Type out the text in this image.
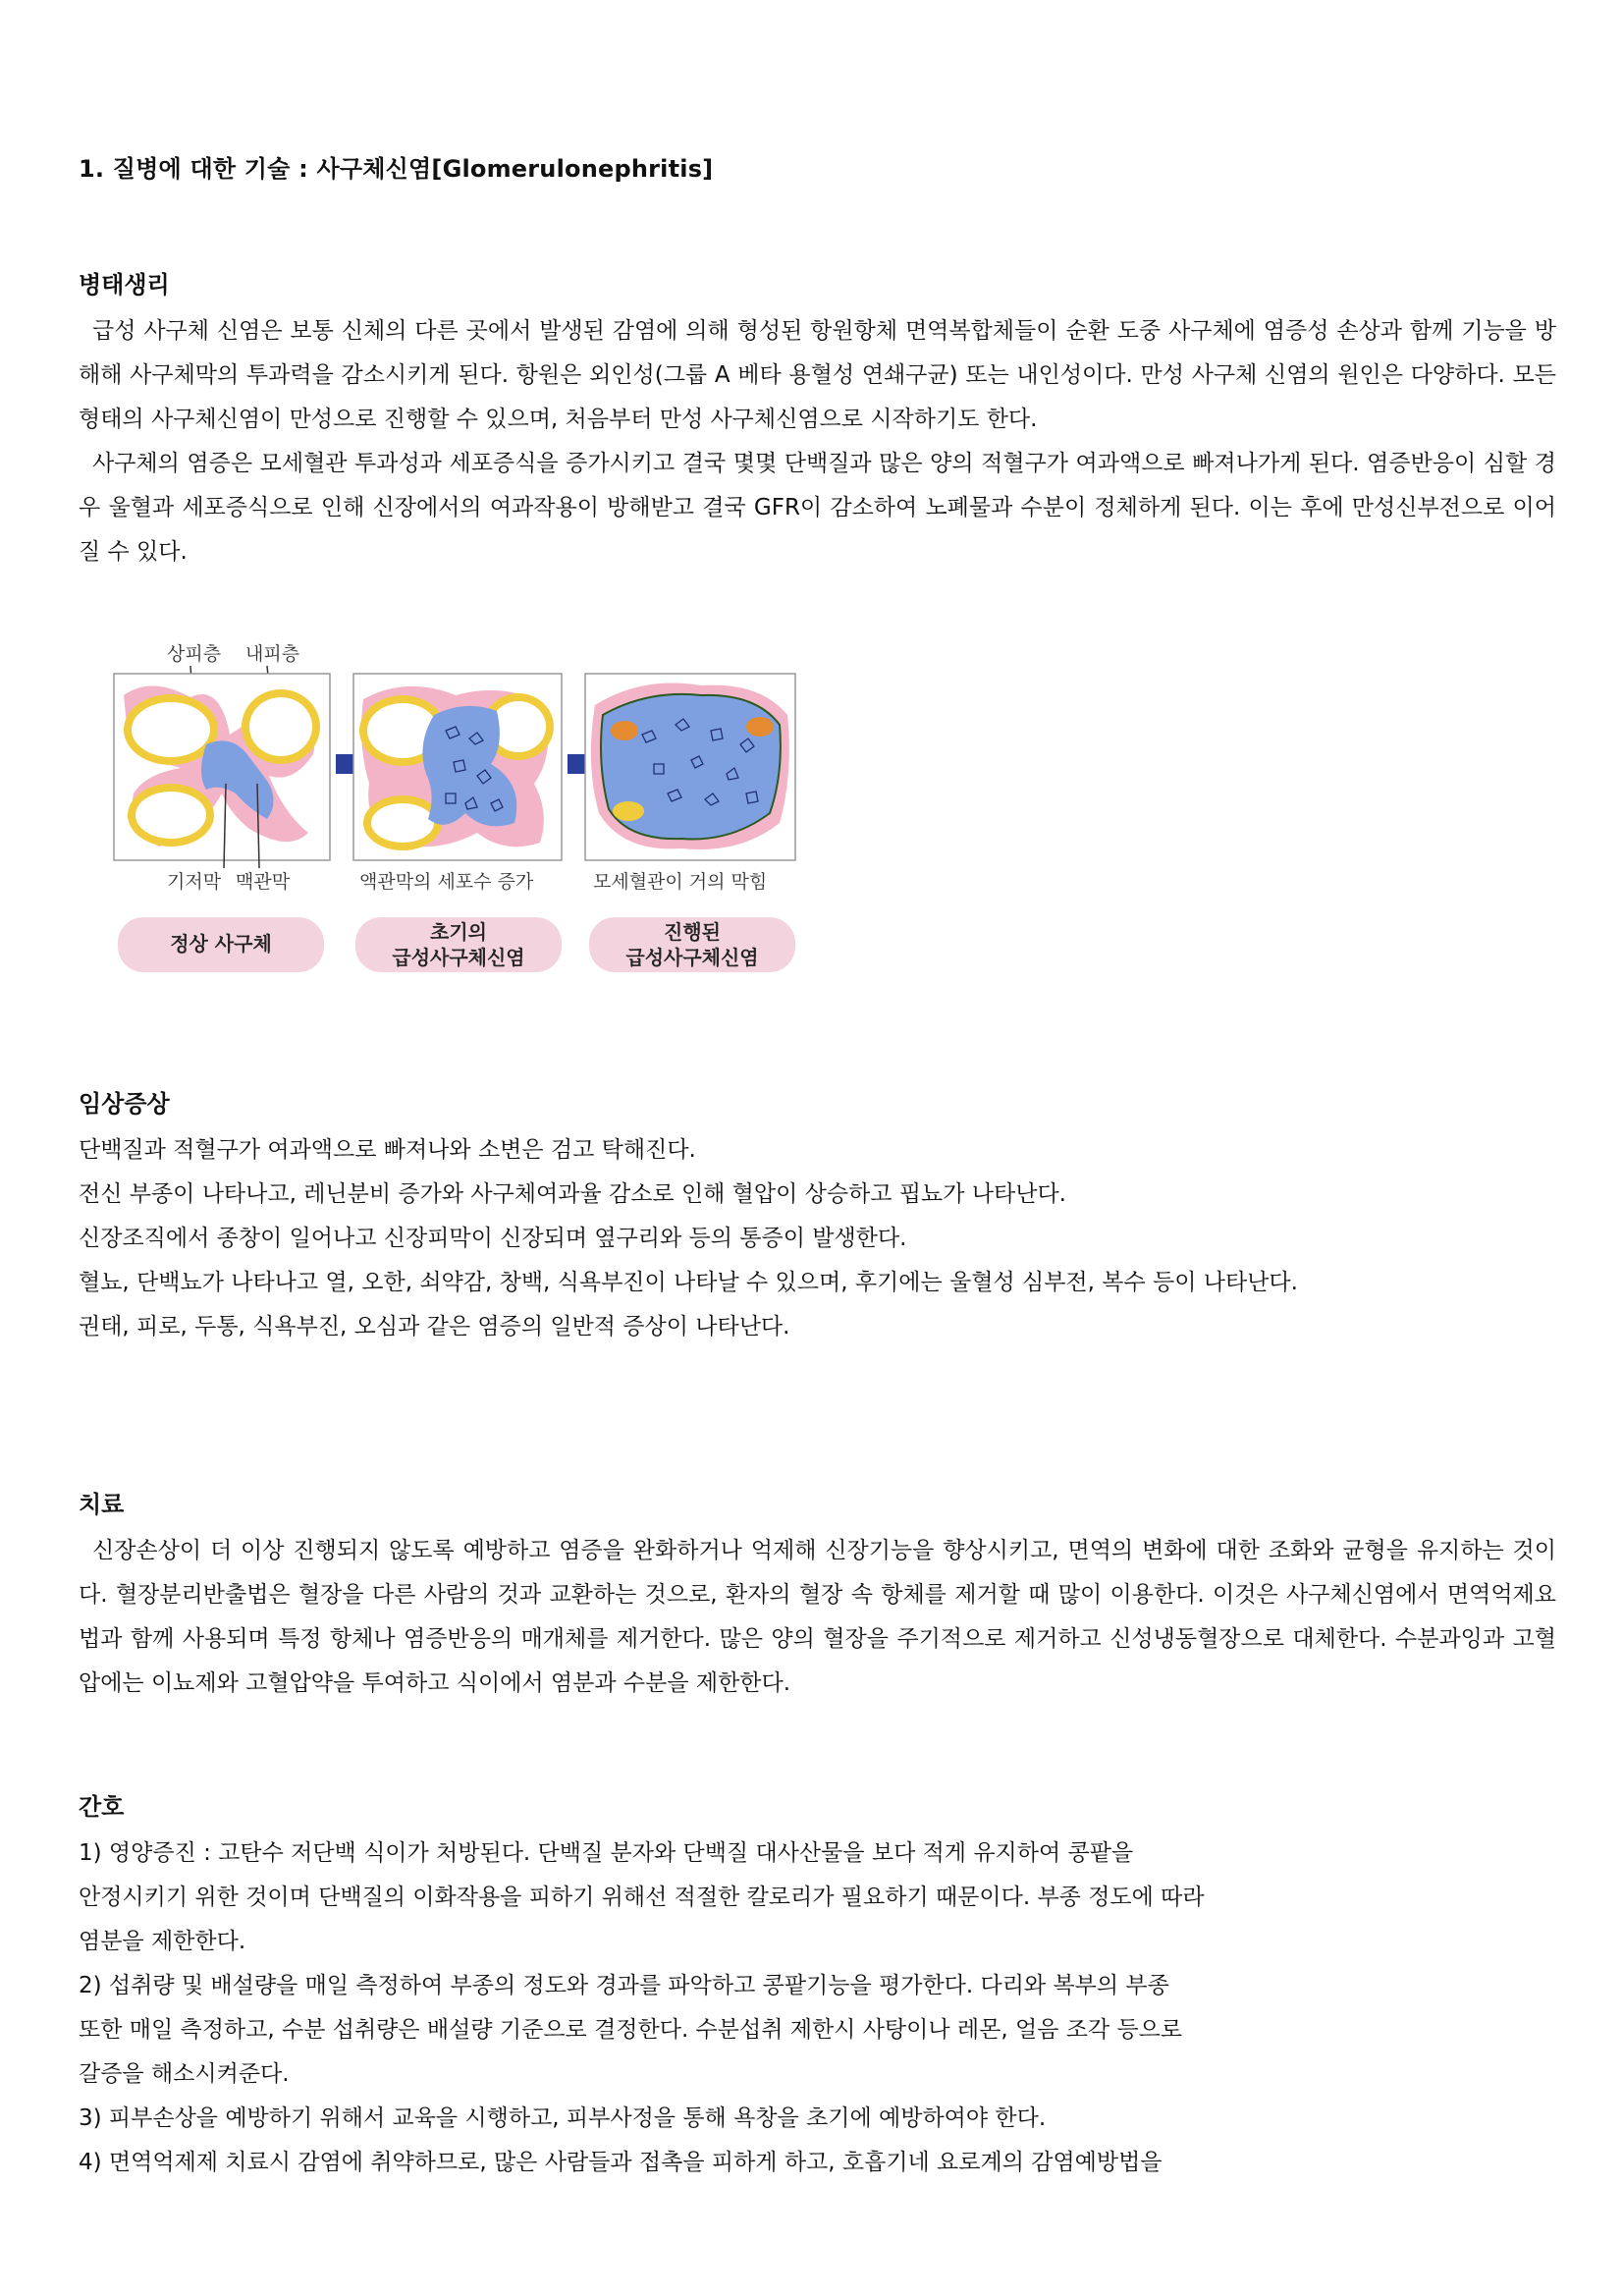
1. 질병에 대한 기술 : 사구체신염[Glomerulonephritis]
병태생리

급성 사구체 신염은 보통 신체의 다른 곳에서 발생된 감염에 의해 형성된 항원항체 면역복합체들이 순환 도중 사구체에 염증성 손상과 함께 기능을 방해해 사구체막의 투과력을 감소시키게 된다. 항원은 외인성(그룹 A 베타 용혈성 연쇄구균) 또는 내인성이다. 만성 사구체 신염의 원인은 다양하다. 모든 형태의 사구체신염이 만성으로 진행할 수 있으며, 처음부터 만성 사구체신염으로 시작하기도 한다.

사구체의 염증은 모세혈관 투과성과 세포증식을 증가시키고 결국 몇몇 단백질과 많은 양의 적혈구가 여과액으로 빠져나가게 된다. 염증반응이 심할 경우 울혈과 세포증식으로 인해 신장에서의 여과작용이 방해받고 결국 GFR이 감소하여 노폐물과 수분이 정체하게 된다. 이는 후에 만성신부전으로 이어질 수 있다.

상피층 내피층
기저막 맥관막	액관막의 세포수 증가	모세혈관이 거의 막힘
정상 사구체	초기의
급성사구체신염
진행된
급성사구체신염
임상증상

단백질과 적혈구가 여과액으로 빠져나와 소변은 검고 탁해진다.

전신 부종이 나타나고, 레닌분비 증가와 사구체여과율 감소로 인해 혈압이 상승하고 핍뇨가 나타난다.

신장조직에서 종창이 일어나고 신장피막이 신장되며 옆구리와 등의 통증이 발생한다.

혈뇨, 단백뇨가 나타나고 열, 오한, 쇠약감, 창백, 식욕부진이 나타날 수 있으며, 후기에는 울혈성 심부전, 복수 등이 나타난다.

권태, 피로, 두통, 식욕부진, 오심과 같은 염증의 일반적 증상이 나타난다.

치료

신장손상이 더 이상 진행되지 않도록 예방하고 염증을 완화하거나 억제해 신장기능을 향상시키고, 면역의 변화에 대한 조화와 균형을 유지하는 것이다. 혈장분리반출법은 혈장을 다른 사람의 것과 교환하는 것으로, 환자의 혈장 속 항체를 제거할 때 많이 이용한다. 이것은 사구체신염에서 면역억제요법과 함께 사용되며 특정 항체나 염증반응의 매개체를 제거한다. 많은 양의 혈장을 주기적으로 제거하고 신성냉동혈장으로 대체한다. 수분과잉과 고혈압에는 이뇨제와 고혈압약을 투여하고 식이에서 염분과 수분을 제한한다.

간호

1) 영양증진 : 고탄수 저단백 식이가 처방된다. 단백질 분자와 단백질 대사산물을 보다 적게 유지하여 콩팥을

안정시키기 위한 것이며 단백질의 이화작용을 피하기 위해선 적절한 칼로리가 필요하기 때문이다. 부종 정도에 따라

염분을 제한한다.

2) 섭취량 및 배설량을 매일 측정하여 부종의 정도와 경과를 파악하고 콩팥기능을 평가한다. 다리와 복부의 부종

또한 매일 측정하고, 수분 섭취량은 배설량 기준으로 결정한다. 수분섭취 제한시 사탕이나 레몬, 얼음 조각 등으로

갈증을 해소시켜준다.

3) 피부손상을 예방하기 위해서 교육을 시행하고, 피부사정을 통해 욕창을 초기에 예방하여야 한다.

4) 면역억제제 치료시 감염에 취약하므로, 많은 사람들과 접촉을 피하게 하고, 호흡기네 요로계의 감염예방법을
